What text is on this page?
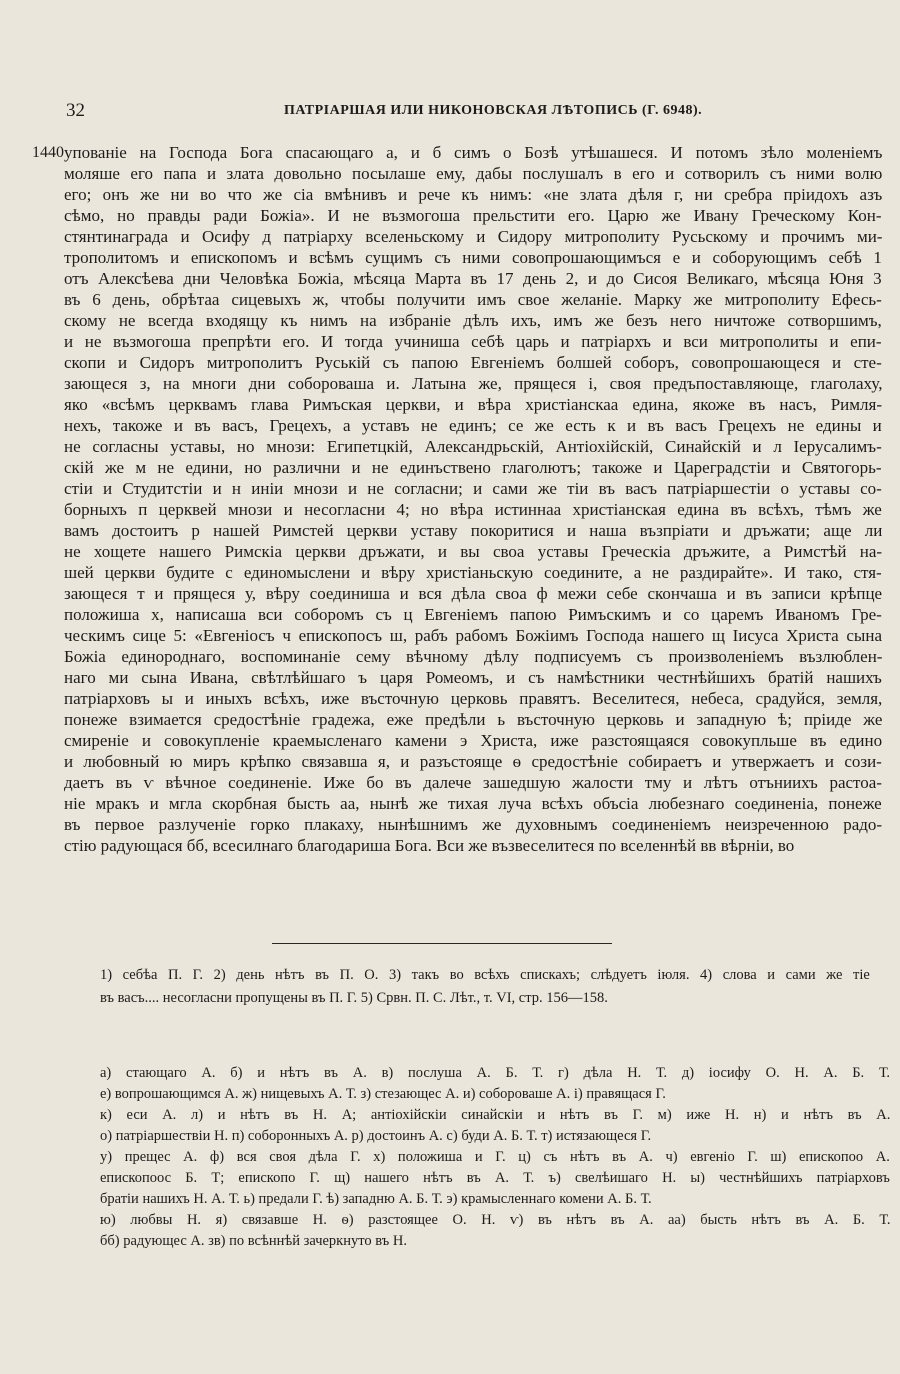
32	ПАТРІАРШАЯ ИЛИ НИКОНОВСКАЯ ЛѢТОПИСЬ (Г. 6948).
1440 упованіе на Господа Бога спасающаго а, и б симъ о Бозѣ утѣшашеся. И потомъ зѣло моленіемъ
моляше его папа и злата довольно посылаше ему, дабы послушалъ в его и сотворилъ съ ними волю
его; онъ же ни во что же сіа вмѣнивъ и рече къ нимъ: «не злата дѣля г, ни сребра пріидохъ азъ
сѣмо, но правды ради Божіа». И не възмогоша прельстити его. Царю же Ивану Греческому Кон-
стянтинаграда и Осифу д патріарху вселеньскому и Сидору митрополиту Русьскому и прочимъ ми-
трополитомъ и епископомъ и всѣмъ сущимъ съ ними совопрошающимъся е и соборующимъ себѣ 1
отъ Алексѣева дни Человѣка Божіа, мѣсяца Марта въ 17 день 2, и до Сисоя Великаго, мѣсяца Юня 3
въ 6 день, обрѣтаа сицевыхъ ж, чтобы получити имъ свое желаніе. Марку же митрополиту Ефесь-
скому не всегда входящу къ нимъ на избраніе дѣлъ ихъ, имъ же безъ него ничтоже сотворшимъ,
и не възмогоша препрѣти его. И тогда учиниша себѣ царь и патріархъ и вси митрополиты и епи-
скопи и Сидоръ митрополитъ Руській съ папою Евгеніемъ болшей соборъ, совопрошающеся и сте-
зающеся з, на многи дни собороваша и. Латына же, прящеся і, своя предъпоставляюще, глаголаху,
яко «всѣмъ церквамъ глава Римъская церкви, и вѣра христіанскаа едина, якоже въ насъ, Римля-
нехъ, такоже и въ васъ, Грецехъ, а уставъ не единъ; се же есть к и въ васъ Грецехъ не едины и
не согласны уставы, но мнози: Египетцкій, Александрьскій, Антіохійскій, Синайскій и л Іерусалимъ-
скій же м не едини, но различни и не единъствено глаголютъ; такоже и Цареградстіи и Святогорь-
стіи и Студитстіи и н иніи мнози и не согласни; и сами же тіи въ васъ патріаршестіи о уставы со-
борныхъ п церквей мнози и несогласни 4; но вѣра истиннаа христіанская едина въ всѣхъ, тѣмъ же
вамъ достоитъ р нашей Римстей церкви уставу покоритися и наша възпріати и дръжати; аще ли
не хощете нашего Римскіа церкви дръжати, и вы своа уставы Греческіа дръжите, а Римстѣй на-
шей церкви будите с единомыслени и вѣру христіаньскую соедините, а не раздирайте». И тако, стя-
зающеся т и прящеся у, вѣру соединиша и вся дѣла своа ф межи себе скончаша и въ записи крѣпце
положиша х, написаша вси соборомъ съ ц Евгеніемъ папою Римъскимъ и со царемъ Иваномъ Гре-
ческимъ сице 5: «Евгеніосъ ч епископосъ ш, рабъ рабомъ Божіимъ Господа нашего щ Іисуса Христа сына
Божіа единороднаго, воспоминаніе сему вѣчному дѣлу подписуемъ съ произволеніемъ възлюблен-
наго ми сына Ивана, свѣтлѣйшаго ъ царя Ромеомъ, и съ намѣстники честнѣйшихъ братій нашихъ
патріарховъ ы и иныхъ всѣхъ, иже въсточную церковь правятъ. Веселитеся, небеса, срадуйся, земля,
понеже взимается средостѣніе градежа, еже предѣли ь въсточную церковь и западную ѣ; пріиде же
смиреніе и совокупленіе краемысленаго камени э Христа, иже разстоящаяся совокупльше въ едино
и любовный ю миръ крѣпко связавша я, и разъстояще ѳ средостѣніе собираетъ и утвержаетъ и сози-
даетъ въ ѵ вѣчное соединеніе. Иже бо въ далече зашедшую жалости тму и лѣтъ отъниихъ растоа-
ніе мракъ и мгла скорбная бысть аа, нынѣ же тихая луча всѣхъ объсіа любезнаго соединеніа, понеже
въ первое разлученіе горко плакаху, нынѣшнимъ же духовнымъ соединеніемъ неизреченною радо-
стію радующася бб, всесилнаго благодариша Бога. Вси же възвеселитеся по вселеннѣй вв вѣрніи, во
1) себѣа П. Г. 2) день нѣтъ въ П. О. 3) такъ во всѣхъ спискахъ; слѣдуетъ іюля. 4) слова и сами же тіе
въ васъ.... несогласни пропущены въ П. Г. 5) Срвн. П. С. Лѣт., т. VI, стр. 156—158.
а) стающаго А. б) и нѣтъ въ А. в) послуша А. Б. Т. г) дѣла Н. Т. д) іосифу О. Н. А. Б. Т.
е) вопрошающимся А. ж) нищевыхъ А. Т. з) стезающес А. и) собороваше А. і) правящася Г.
к) еси А. л) и нѣтъ въ Н. А; антіохійскіи синайскіи и нѣтъ въ Г. м) иже Н. н) и нѣтъ въ А.
о) патріаршествіи Н. п) соборонныхъ А. р) достоинъ А. с) буди А. Б. Т. т) истязающеся Г.
у) прещес А. ф) вся своя дѣла Г. х) положиша и Г. ц) съ нѣтъ въ А. ч) евгеніо Г. ш) епископоо А.
епископоос Б. Т; епископо Г. щ) нашего нѣтъ въ А. Т. ъ) свелѣишаго Н. ы) честнѣйшихъ патріарховъ
братіи нашихъ Н. А. Т. ь) предали Г. ѣ) западню А. Б. Т. э) крамысленнаго комени А. Б. Т.
ю) любвы Н. я) связавше Н. ѳ) разстоящее О. Н. ѵ) въ нѣтъ въ А. аа) бысть нѣтъ въ А. Б. Т.
бб) радующес А. зв) по всѣннѣй зачеркнуто въ Н.
